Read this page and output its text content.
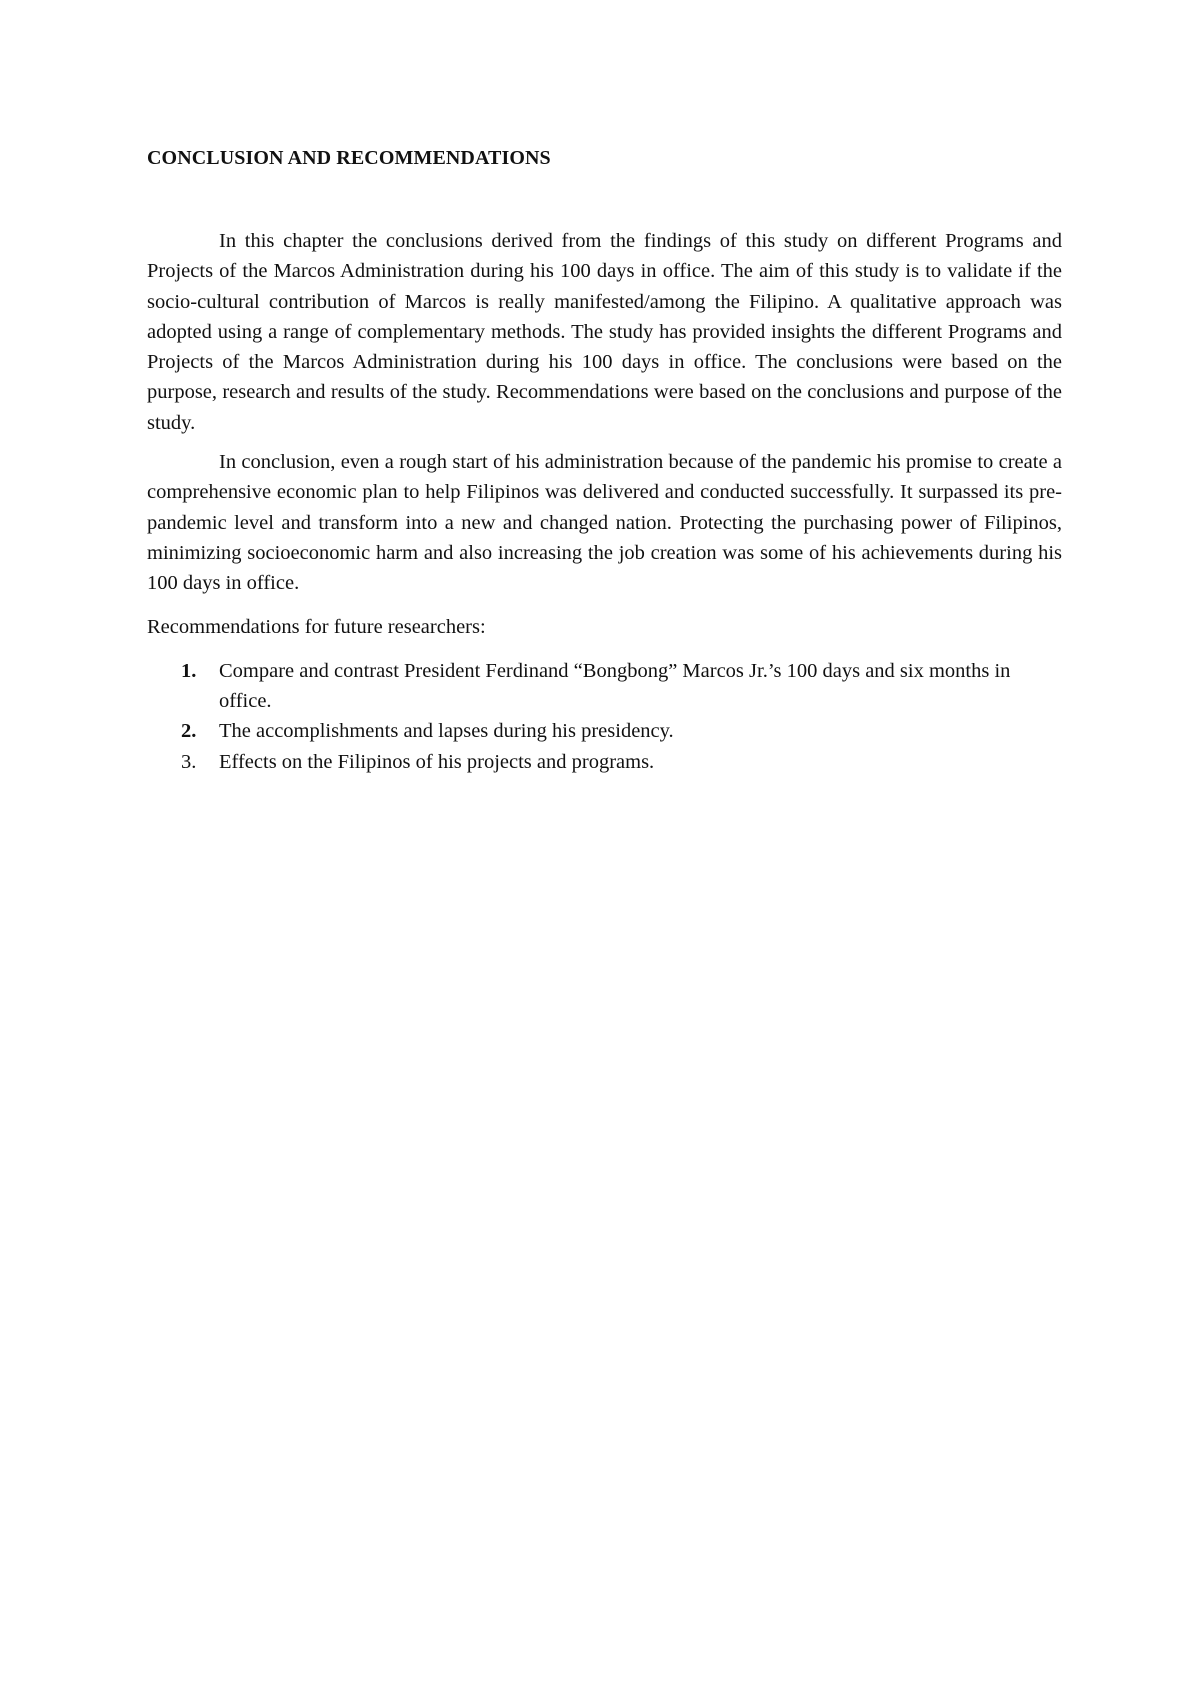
CONCLUSION AND RECOMMENDATIONS

In this chapter the conclusions derived from the findings of this study on different Programs and Projects of the Marcos Administration during his 100 days in office. The aim of this study is to validate if the socio-cultural contribution of Marcos is really manifested/among the Filipino. A qualitative approach was adopted using a range of complementary methods. The study has provided insights the different Programs and Projects of the Marcos Administration during his 100 days in office. The conclusions were based on the purpose, research and results of the study. Recommendations were based on the conclusions and purpose of the study.

In conclusion, even a rough start of his administration because of the pandemic his promise to create a comprehensive economic plan to help Filipinos was delivered and conducted successfully. It surpassed its pre-pandemic level and transform into a new and changed nation. Protecting the purchasing power of Filipinos, minimizing socioeconomic harm and also increasing the job creation was some of his achievements during his 100 days in office.

Recommendations for future researchers:
1. Compare and contrast President Ferdinand “Bongbong” Marcos Jr.’s 100 days and six months in office.
2. The accomplishments and lapses during his presidency.
3. Effects on the Filipinos of his projects and programs.
